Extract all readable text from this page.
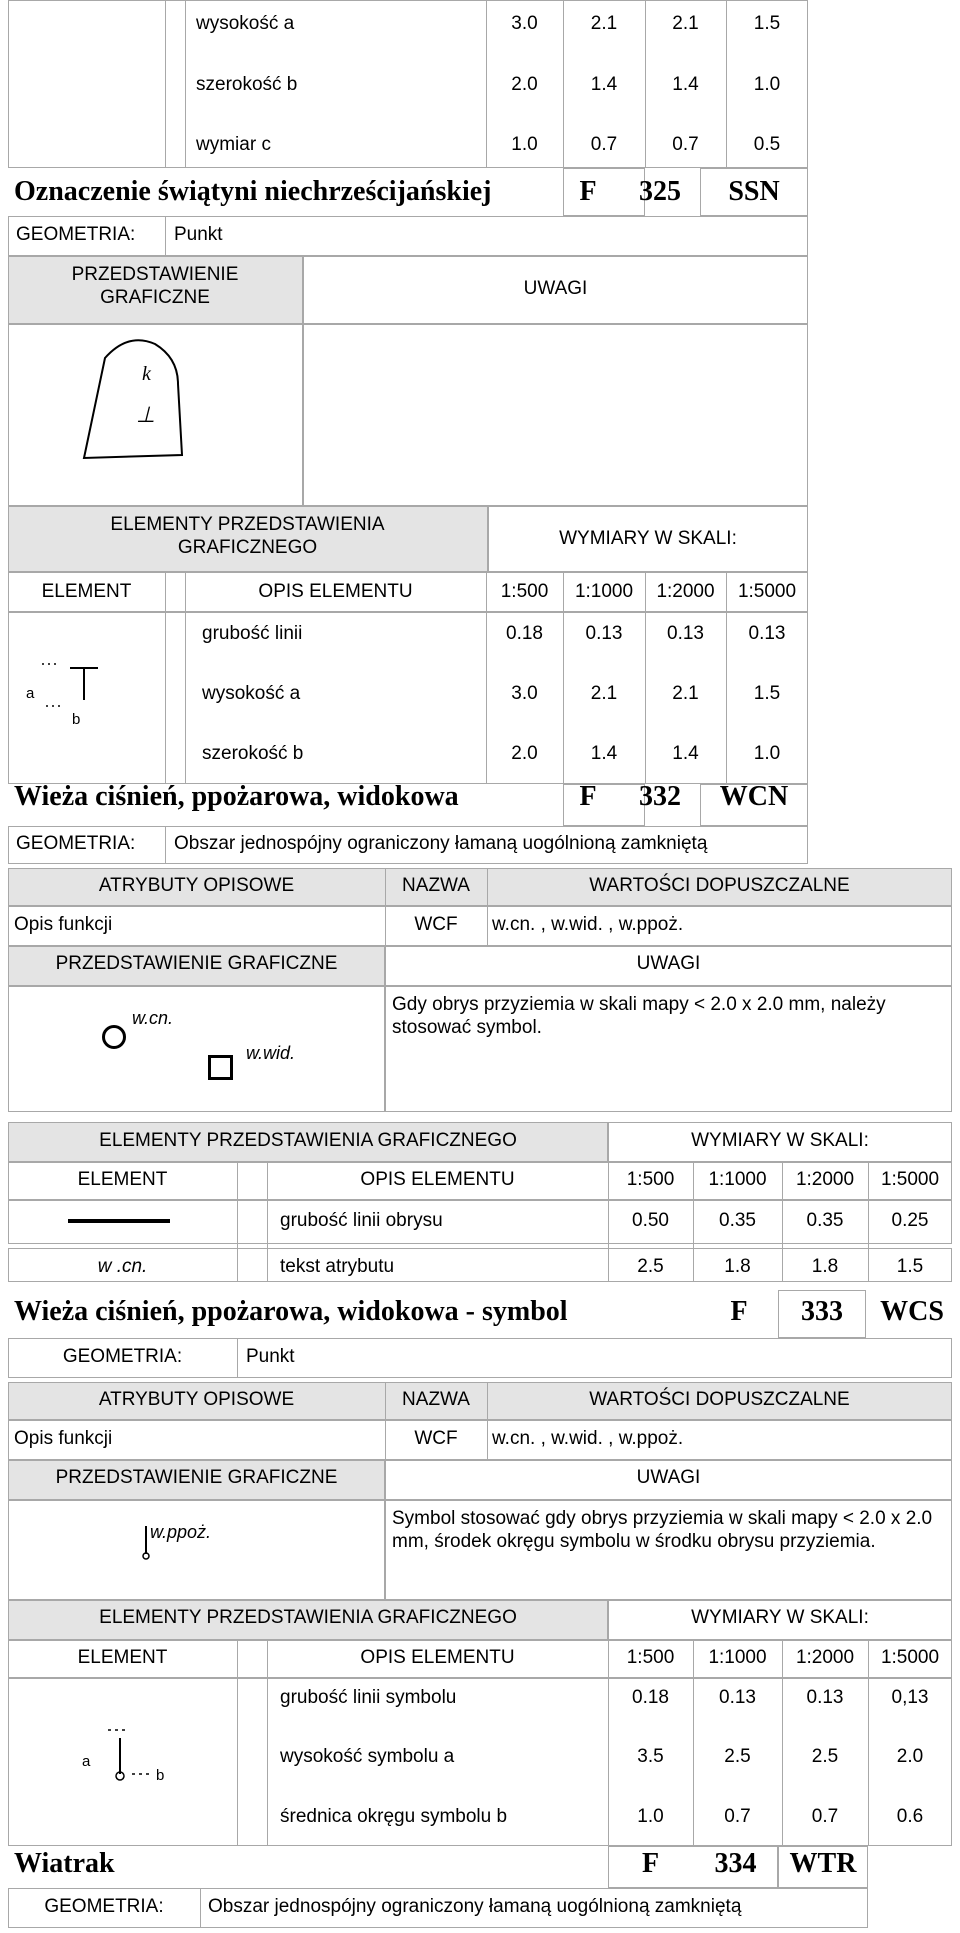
wysokość a	3.0	2.1	2.1	1.5
szerokość b	2.0	1.4	1.4	1.0
wymiar c	1.0	0.7	0.7	0.5
Oznaczenie świątyni niechrześcijańskiej	F	325	SSN
GEOMETRIA: Punkt
PRZEDSTAWIENIE GRAFICZNE	UWAGI
k
⊥
ELEMENTY PRZEDSTAWIENIA GRAFICZNEGO	WYMIARY W SKALI:
ELEMENT	OPIS ELEMENTU	1:500	1:1000	1:2000	1:5000
a
b
grubość linii	0.18	0.13	0.13	0.13
wysokość a	3.0	2.1	2.1	1.5
szerokość b	2.0	1.4	1.4	1.0
Wieża ciśnień, ppożarowa, widokowa	F	332	WCN
GEOMETRIA: Obszar jednospójny ograniczony łamaną uogólnioną zamkniętą
ATRYBUTY OPISOWE	NAZWA	WARTOŚCI DOPUSZCZALNE
Opis funkcji	WCF	w.cn. , w.wid. , w.ppoż.
PRZEDSTAWIENIE GRAFICZNE	UWAGI
w.cn.
w.wid.
Gdy obrys przyziemia w skali mapy < 2.0 x 2.0 mm, należy stosować symbol.
ELEMENTY PRZEDSTAWIENIA GRAFICZNEGO	WYMIARY W SKALI:
ELEMENT	OPIS ELEMENTU	1:500	1:1000	1:2000	1:5000
grubość linii obrysu	0.50	0.35	0.35	0.25
w .cn.	tekst atrybutu	2.5	1.8	1.8	1.5
Wieża ciśnień, ppożarowa, widokowa - symbol	F	333	WCS
GEOMETRIA:	Punkt
ATRYBUTY OPISOWE	NAZWA	WARTOŚCI DOPUSZCZALNE
Opis funkcji	WCF	w.cn. , w.wid. , w.ppoż.
PRZEDSTAWIENIE GRAFICZNE	UWAGI
w.ppoż.
Symbol stosować gdy obrys przyziemia w skali mapy < 2.0 x 2.0 mm, środek okręgu symbolu w środku obrysu przyziemia.
ELEMENTY PRZEDSTAWIENIA GRAFICZNEGO	WYMIARY W SKALI:
ELEMENT	OPIS ELEMENTU	1:500	1:1000	1:2000	1:5000
a
b
grubość linii symbolu	0.18	0.13	0.13	0,13
wysokość symbolu a	3.5	2.5	2.5	2.0
średnica okręgu symbolu b	1.0	0.7	0.7	0.6
Wiatrak	F	334	WTR
GEOMETRIA:	Obszar jednospójny ograniczony łamaną uogólnioną zamkniętą
